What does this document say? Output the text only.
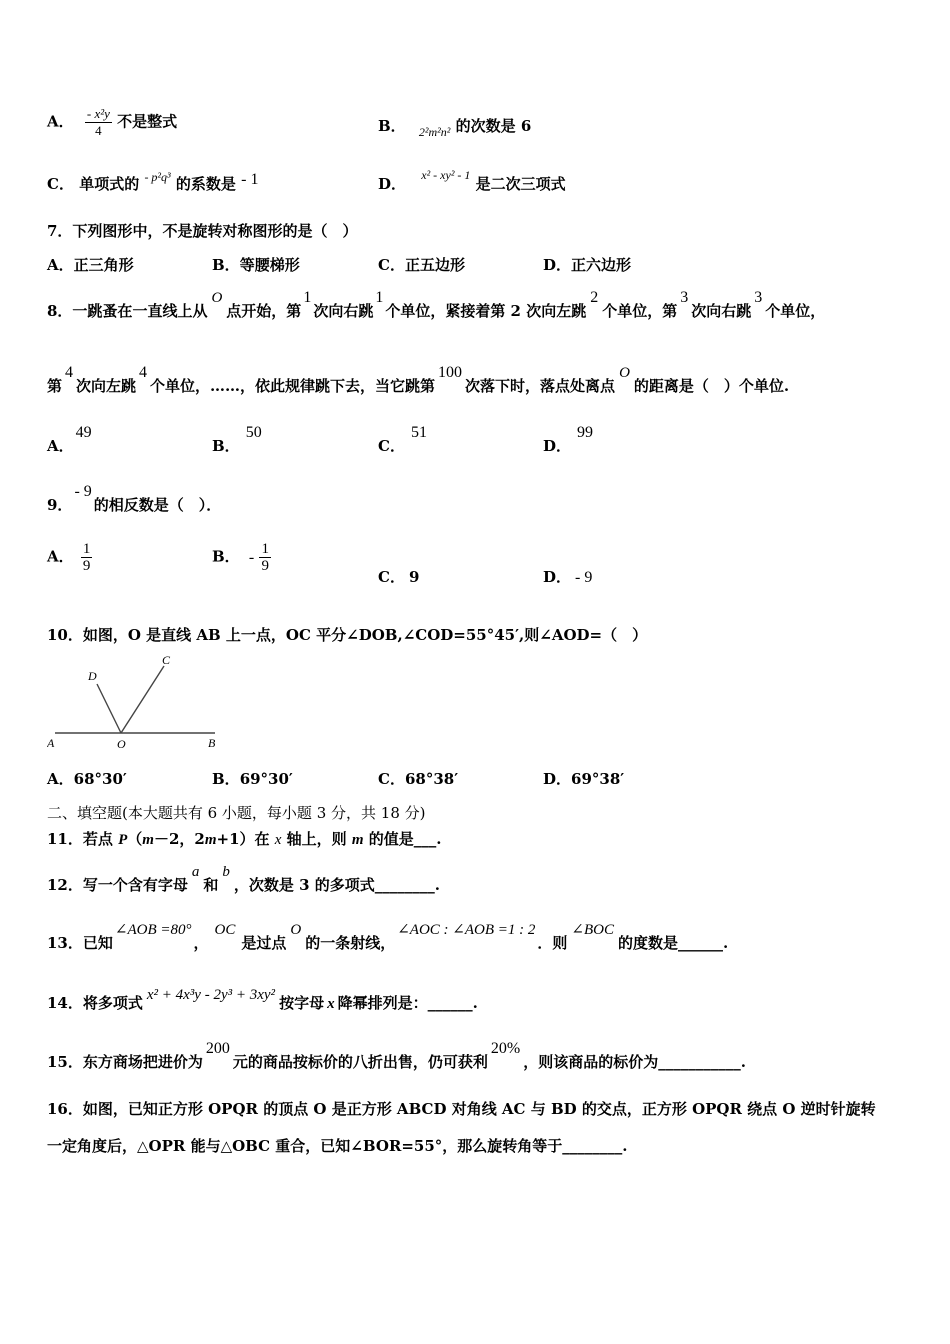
A． $\frac{\text{- x²y}}{4}$ 不是整式	B． $_{2^2m^2n^2}$ 的次数是 6
C． 单项式的 $^{- p^2q^3}$ 的系数是 - 1	D． $^{x^2 - xy^2 - 1}$ 是二次三项式
7．下列图形中，不是旋转对称图形的是（　）
A．正三角形	B．等腰梯形	C．正五边形	D．正六边形
8．一跳蚤在一直线上从O点开始，第1次向右跳1个单位，紧接着第 2 次向左跳2个单位，第3次向右跳3个单位，
第4次向左跳4个单位，……，依此规律跳下去，当它跳第100次落下时，落点处离点O的距离是（　）个单位.
A．49
B．50
C．51
D．99
9．- 9的相反数是（　）．
A． $\frac{1}{9}$	B． - $\frac{1}{9}$
C． 9	D． - 9
10．如图，O 是直线 AB 上一点，OC 平分∠DOB,∠COD=55°45′,则∠AOD=（　）
A	O	B
C
D
A．68°30′	B．69°30′	C．68°38′	D．69°38′
二、填空题(本大题共有 6 小题，每小题 3 分，共 18 分)
11．若点 P（m－2，2m+1）在 x 轴上，则 m 的值是___.
12．写一个含有字母a和b，次数是 3 的多项式________.
13．已知∠AOB =80°，OC是过点O的一条射线，∠AOC : ∠AOB =1 : 2．则∠BOC的度数是______.
14．将多项式 x² + 4x³y - 2y³ + 3xy² 按字母 x 降幂排列是：______.
15．东方商场把进价为200元的商品按标价的八折出售，仍可获利20%，则该商品的标价为___________.
16．如图，已知正方形 OPQR 的顶点 O 是正方形 ABCD 对角线 AC 与 BD 的交点，正方形 OPQR 绕点 O 逆时针旋转
一定角度后，△OPR 能与△OBC 重合，已知∠BOR=55°，那么旋转角等于________.
